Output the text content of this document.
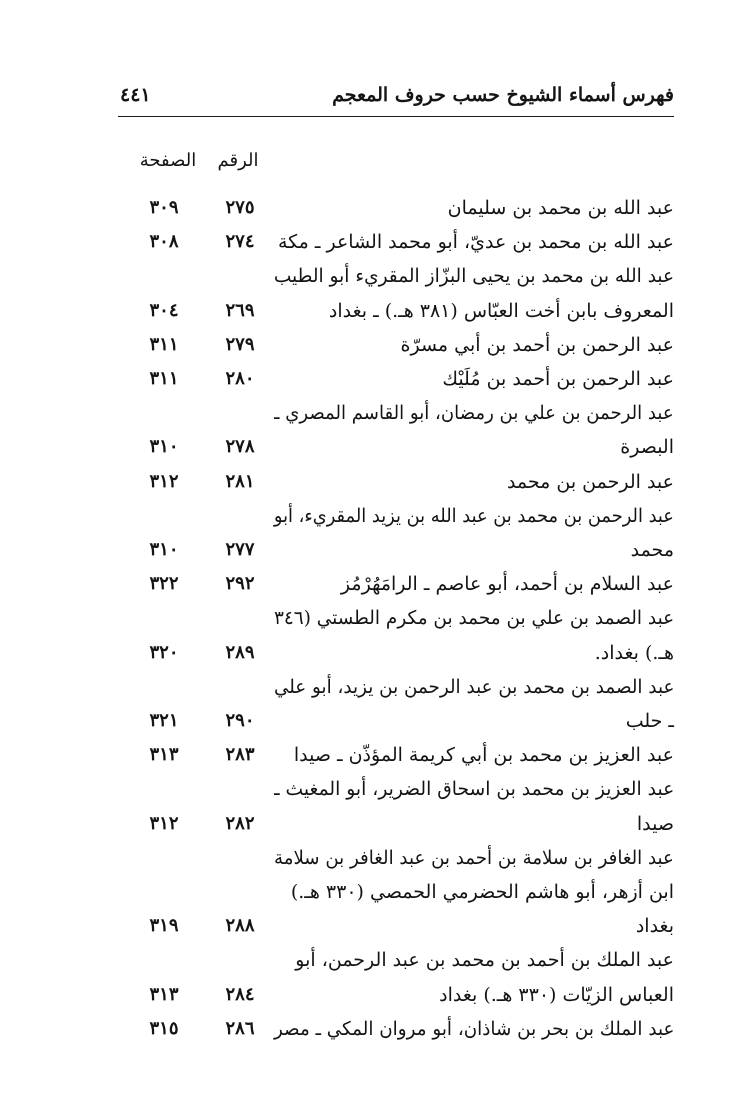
فهرس أسماء الشيوخ حسب حروف المعجم
٤٤١
الرقم
الصفحة
عبد الله بن محمد بن سليمان
٢٧٥
٣٠٩
عبد الله بن محمد بن عديّ، أبو محمد الشاعر ـ مكة
٢٧٤
٣٠٨
عبد الله بن محمد بن يحيى البزّاز المقريء أبو الطيب
المعروف بابن أخت العبّاس (٣٨١ هـ.) ـ بغداد
٢٦٩
٣٠٤
عبد الرحمن بن أحمد بن أبي مسرّة
٢٧٩
٣١١
عبد الرحمن بن أحمد بن مُلَيْك
٢٨٠
٣١١
عبد الرحمن بن علي بن رمضان، أبو القاسم المصري ـ
البصرة
٢٧٨
٣١٠
عبد الرحمن بن محمد
٢٨١
٣١٢
عبد الرحمن بن محمد بن عبد الله بن يزيد المقريء، أبو
محمد
٢٧٧
٣١٠
عبد السلام بن أحمد، أبو عاصم ـ الرامَهُرْمُز
٢٩٢
٣٢٢
عبد الصمد بن علي بن محمد بن مكرم الطستي (٣٤٦
هـ.) بغداد.
٢٨٩
٣٢٠
عبد الصمد بن محمد بن عبد الرحمن بن يزيد، أبو علي
ـ حلب
٢٩٠
٣٢١
عبد العزيز بن محمد بن أبي كريمة المؤذّن ـ صيدا
٢٨٣
٣١٣
عبد العزيز بن محمد بن اسحاق الضرير، أبو المغيث ـ
صيدا
٢٨٢
٣١٢
عبد الغافر بن سلامة بن أحمد بن عبد الغافر بن سلامة
ابن أزهر، أبو هاشم الحضرمي الحمصي (٣٣٠ هـ.)
بغداد
٢٨٨
٣١٩
عبد الملك بن أحمد بن محمد بن عبد الرحمن، أبو
العباس الزيّات (٣٣٠ هـ.) بغداد
٢٨٤
٣١٣
عبد الملك بن بحر بن شاذان، أبو مروان المكي ـ مصر
٢٨٦
٣١٥
